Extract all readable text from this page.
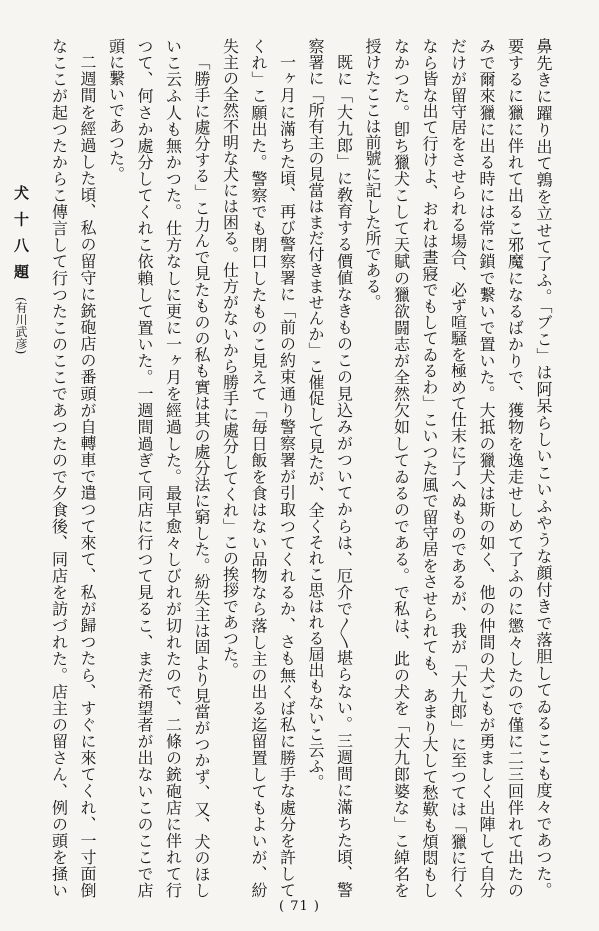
犬 十 八 題 (有川武彦)	鼻先きに躍り出て鶉を立せて了ふ。「ブこ」は阿呆らしいこいふやうな顔付きで落胆してゐるここも度々であつた。
要するに獵に伴れて出るこ邪魔になるばかりで、獲物を逸走せしめて了ふのに懲々したので僅に二三回伴れて出たの
みで爾來獵に出る時には常に鎖で繋いで置いた。大抵の獵犬は斯の如く、他の仲間の犬ごもが勇ましく出陣して自分
だけが留守居をさせられる場合、必ず喧騒を極めて仕末に了へぬものであるが、我が「大九郎」に至つては「獵に行く
なら皆な出て行けよ、おれは晝寢でもしてゐるわ」こいつた風で留守居をさせられても、あまり大して愁歎も煩悶もし
なかつた。卽ち獵犬こして天賦の獵欲闘志が全然欠如してゐるのである。で私は、此の犬を「大九郎婆な」こ綽名を
授けたここは前號に記した所である。
既に「大九郎」に敎育する價値なきものこの見込みがついてからは、厄介で〳〵堪らない。三週間に滿ちた頃、警
察署に「所有主の見當はまだ付きませんか」こ催促して見たが、全くそれこ思はれる屆出もないこ云ふ。
一ヶ月に滿ちた頃、再び警察署に「前の約束通り警察署が引取つてくれるか、さも無くば私に勝手な處分を許して
くれ」こ願出た。警察でも閉口したものこ見えて「毎日飯を食はない品物なら落し主の出る迄留置してもよいが、紛
失主の全然不明な犬には困る。仕方がないから勝手に處分してくれ」この挨拶であつた。
「勝手に處分する」こ力んで見たものの私も實は其の處分法に窮した。紛失主は固より見當がつかず、又、犬のほし
いこ云ふ人も無かつた。仕方なしに更に一ヶ月を經過した。最早愈々しびれが切れたので、二條の銃砲店に伴れて行
つて、何さか處分してくれこ依賴して置いた。一週間過ぎて同店に行つて見るこ、まだ希望者が出ないこのここで店
頭に繋いであつた。
二週間を經過した頃、私の留守に銃砲店の番頭が自轉車で遣つて來て、私が歸つたら、すぐに來てくれ、一寸面倒
なここが起つたからこ傳言して行つたこのここであつたので夕食後、同店を訪づれた。店主の留さん、例の頭を掻い
( 71 )
